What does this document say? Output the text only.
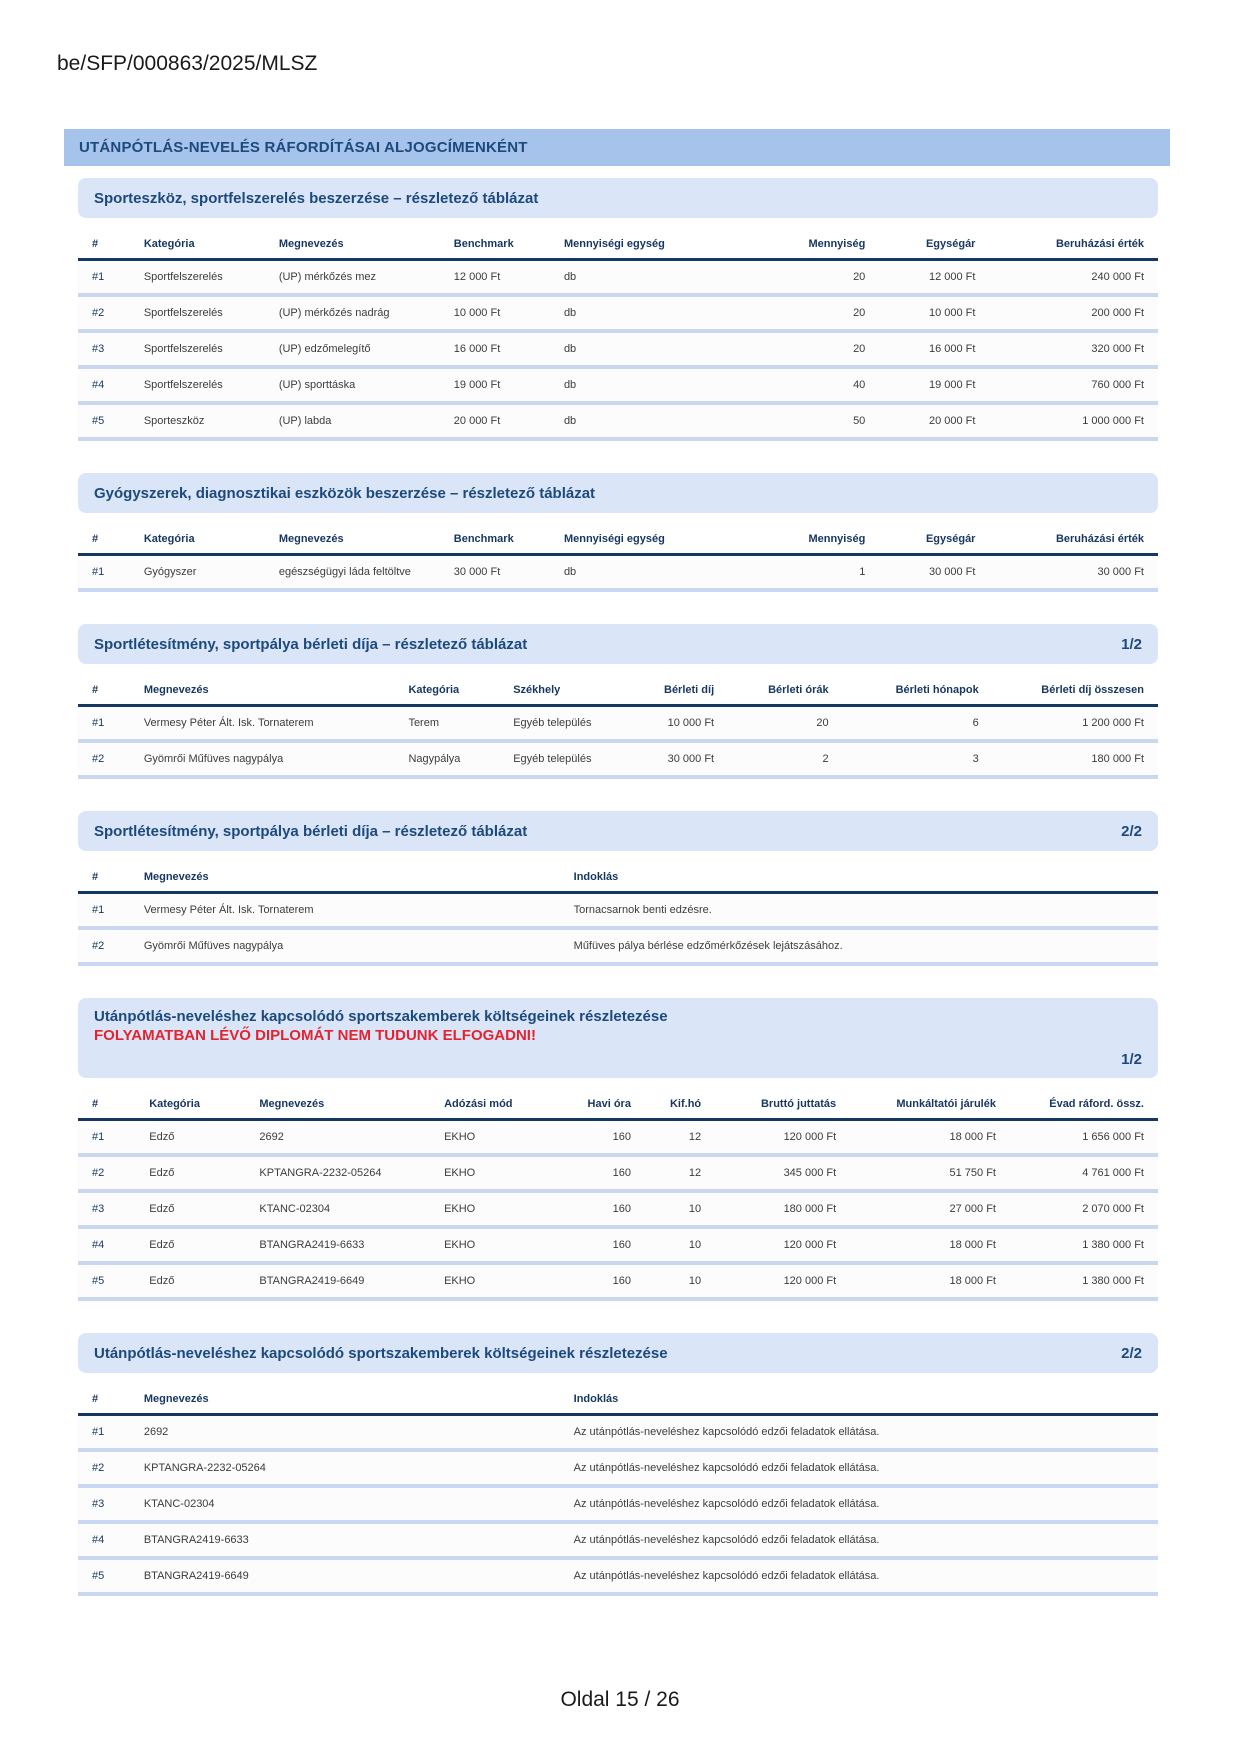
be/SFP/000863/2025/MLSZ
UTÁNPÓTLÁS-NEVELÉS RÁFORDÍTÁSAI ALJOGCÍMENKÉNT
Sporteszköz, sportfelszerelés beszerzése – részletező táblázat
#	Kategória	Megnevezés	Benchmark	Mennyiségi egység	Mennyiség	Egységár	Beruházási érték
#1	Sportfelszerelés	(UP) mérkőzés mez	12 000 Ft	db	20	12 000 Ft	240 000 Ft
#2	Sportfelszerelés	(UP) mérkőzés nadrág	10 000 Ft	db	20	10 000 Ft	200 000 Ft
#3	Sportfelszerelés	(UP) edzőmelegítő	16 000 Ft	db	20	16 000 Ft	320 000 Ft
#4	Sportfelszerelés	(UP) sporttáska	19 000 Ft	db	40	19 000 Ft	760 000 Ft
#5	Sporteszköz	(UP) labda	20 000 Ft	db	50	20 000 Ft	1 000 000 Ft
Gyógyszerek, diagnosztikai eszközök beszerzése – részletező táblázat
#	Kategória	Megnevezés	Benchmark	Mennyiségi egység	Mennyiség	Egységár	Beruházási érték
#1	Gyógyszer	egészségügyi láda feltöltve	30 000 Ft	db	1	30 000 Ft	30 000 Ft
Sportlétesítmény, sportpálya bérleti díja – részletező táblázat	1/2
#	Megnevezés	Kategória	Székhely	Bérleti díj	Bérleti órák	Bérleti hónapok	Bérleti díj összesen
#1	Vermesy Péter Ált. Isk. Tornaterem	Terem	Egyéb település	10 000 Ft	20	6	1 200 000 Ft
#2	Gyömrői Műfüves nagypálya	Nagypálya	Egyéb település	30 000 Ft	2	3	180 000 Ft
Sportlétesítmény, sportpálya bérleti díja – részletező táblázat	2/2
#	Megnevezés	Indoklás
#1	Vermesy Péter Ált. Isk. Tornaterem	Tornacsarnok benti edzésre.
#2	Gyömrői Műfüves nagypálya	Műfüves pálya bérlése edzőmérkőzések lejátszásához.
Utánpótlás-neveléshez kapcsolódó sportszakemberek költségeinek részletezése
FOLYAMATBAN LÉVŐ DIPLOMÁT NEM TUDUNK ELFOGADNI!
1/2
#	Kategória	Megnevezés	Adózási mód	Havi óra	Kif.hó	Bruttó juttatás	Munkáltatói járulék	Évad ráford. össz.
#1	Edző	2692	EKHO	160	12	120 000 Ft	18 000 Ft	1 656 000 Ft
#2	Edző	KPTANGRA-2232-05264	EKHO	160	12	345 000 Ft	51 750 Ft	4 761 000 Ft
#3	Edző	KTANC-02304	EKHO	160	10	180 000 Ft	27 000 Ft	2 070 000 Ft
#4	Edző	BTANGRA2419-6633	EKHO	160	10	120 000 Ft	18 000 Ft	1 380 000 Ft
#5	Edző	BTANGRA2419-6649	EKHO	160	10	120 000 Ft	18 000 Ft	1 380 000 Ft
Utánpótlás-neveléshez kapcsolódó sportszakemberek költségeinek részletezése	2/2
#	Megnevezés	Indoklás
#1	2692	Az utánpótlás-neveléshez kapcsolódó edzői feladatok ellátása.
#2	KPTANGRA-2232-05264	Az utánpótlás-neveléshez kapcsolódó edzői feladatok ellátása.
#3	KTANC-02304	Az utánpótlás-neveléshez kapcsolódó edzői feladatok ellátása.
#4	BTANGRA2419-6633	Az utánpótlás-neveléshez kapcsolódó edzői feladatok ellátása.
#5	BTANGRA2419-6649	Az utánpótlás-neveléshez kapcsolódó edzői feladatok ellátása.
Oldal 15 / 26
